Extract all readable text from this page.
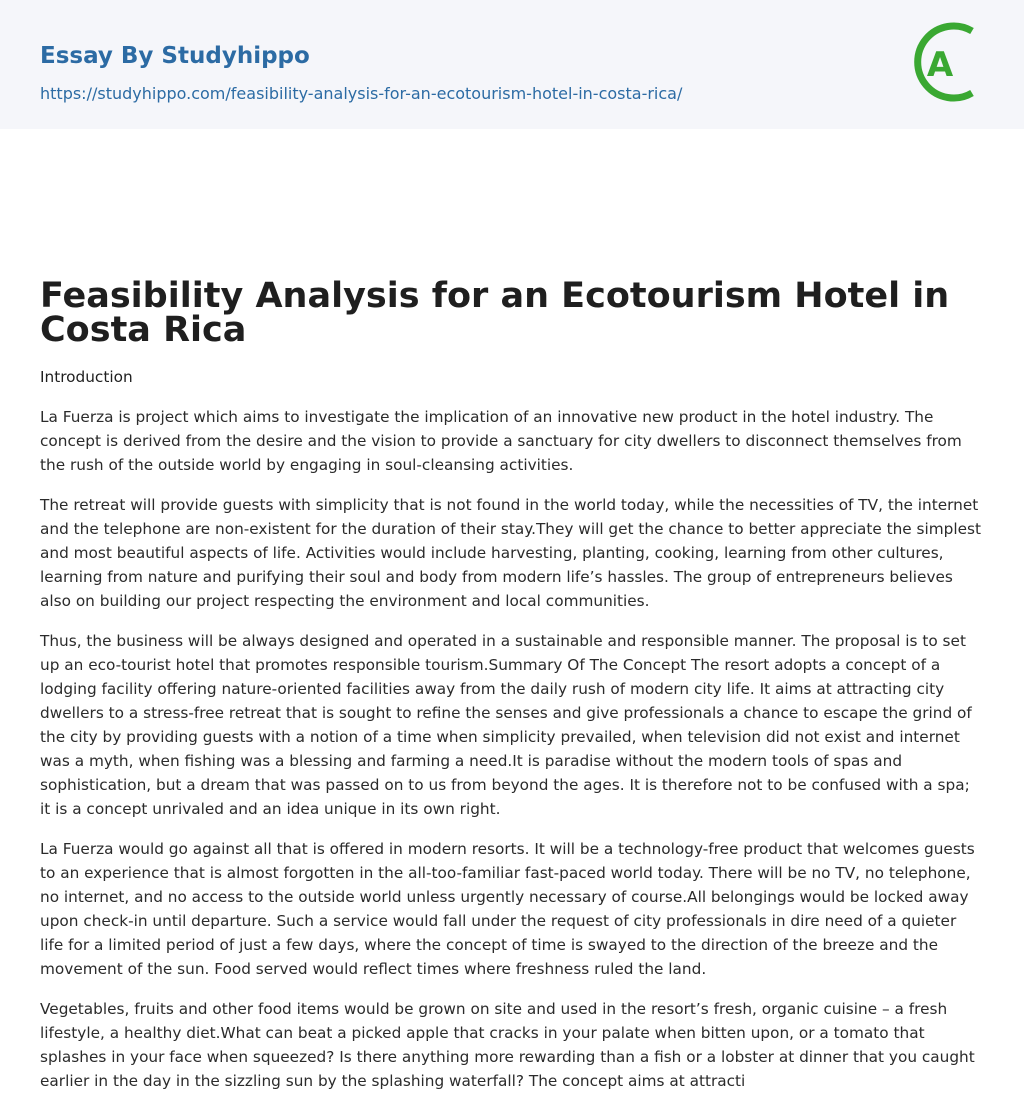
Essay By Studyhippo
https://studyhippo.com/feasibility-analysis-for-an-ecotourism-hotel-in-costa-rica/
A
Feasibility Analysis for an Ecotourism Hotel in Costa Rica

Introduction

La Fuerza is project which aims to investigate the implication of an innovative new product in the hotel industry. The concept is derived from the desire and the vision to provide a sanctuary for city dwellers to disconnect themselves from the rush of the outside world by engaging in soul-cleansing activities.

The retreat will provide guests with simplicity that is not found in the world today, while the necessities of TV, the internet and the telephone are non-existent for the duration of their stay.They will get the chance to better appreciate the simplest and most beautiful aspects of life. Activities would include harvesting, planting, cooking, learning from other cultures, learning from nature and purifying their soul and body from modern life’s hassles. The group of entrepreneurs believes also on building our project respecting the environment and local communities.

Thus, the business will be always designed and operated in a sustainable and responsible manner. The proposal is to set up an eco-tourist hotel that promotes responsible tourism.Summary Of The Concept The resort adopts a concept of a lodging facility offering nature-oriented facilities away from the daily rush of modern city life. It aims at attracting city dwellers to a stress-free retreat that is sought to refine the senses and give professionals a chance to escape the grind of the city by providing guests with a notion of a time when simplicity prevailed, when television did not exist and internet was a myth, when fishing was a blessing and farming a need.It is paradise without the modern tools of spas and sophistication, but a dream that was passed on to us from beyond the ages. It is therefore not to be confused with a spa; it is a concept unrivaled and an idea unique in its own right.

La Fuerza would go against all that is offered in modern resorts. It will be a technology-free product that welcomes guests to an experience that is almost forgotten in the all-too-familiar fast-paced world today. There will be no TV, no telephone, no internet, and no access to the outside world unless urgently necessary of course.All belongings would be locked away upon check-in until departure. Such a service would fall under the request of city professionals in dire need of a quieter life for a limited period of just a few days, where the concept of time is swayed to the direction of the breeze and the movement of the sun. Food served would reflect times where freshness ruled the land.

Vegetables, fruits and other food items would be grown on site and used in the resort’s fresh, organic cuisine – a fresh lifestyle, a healthy diet.What can beat a picked apple that cracks in your palate when bitten upon, or a tomato that splashes in your face when squeezed? Is there anything more rewarding than a fish or a lobster at dinner that you caught earlier in the day in the sizzling sun by the splashing waterfall? The concept aims at attracti
